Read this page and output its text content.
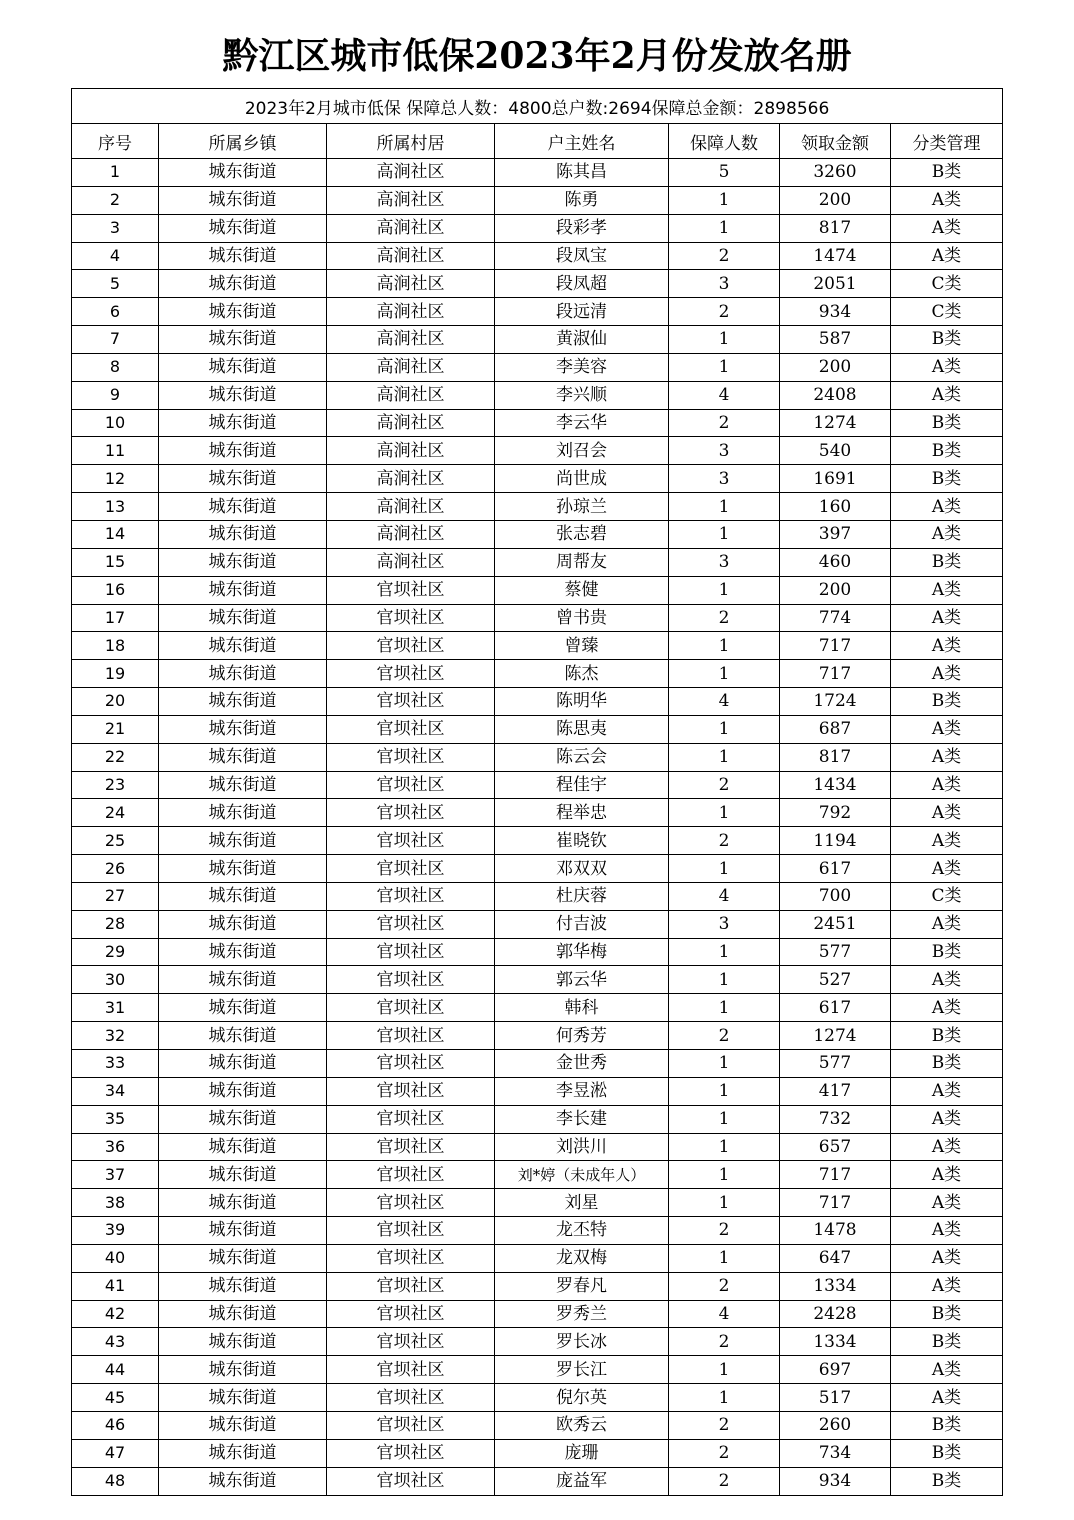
黔江区城市低保2023年2月份发放名册
2023年2月城市低保 保障总人数：4800总户数:2694保障总金额：2898566						
序号	所属乡镇	所属村居	户主姓名	保障人数	领取金额	分类管理
1	城东街道	高涧社区	陈其昌	5	3260	B类
2	城东街道	高涧社区	陈勇	1	200	A类
3	城东街道	高涧社区	段彩孝	1	817	A类
4	城东街道	高涧社区	段凤宝	2	1474	A类
5	城东街道	高涧社区	段凤超	3	2051	C类
6	城东街道	高涧社区	段远清	2	934	C类
7	城东街道	高涧社区	黄淑仙	1	587	B类
8	城东街道	高涧社区	李美容	1	200	A类
9	城东街道	高涧社区	李兴顺	4	2408	A类
10	城东街道	高涧社区	李云华	2	1274	B类
11	城东街道	高涧社区	刘召会	3	540	B类
12	城东街道	高涧社区	尚世成	3	1691	B类
13	城东街道	高涧社区	孙琼兰	1	160	A类
14	城东街道	高涧社区	张志碧	1	397	A类
15	城东街道	高涧社区	周帮友	3	460	B类
16	城东街道	官坝社区	蔡健	1	200	A类
17	城东街道	官坝社区	曾书贵	2	774	A类
18	城东街道	官坝社区	曾臻	1	717	A类
19	城东街道	官坝社区	陈杰	1	717	A类
20	城东街道	官坝社区	陈明华	4	1724	B类
21	城东街道	官坝社区	陈思夷	1	687	A类
22	城东街道	官坝社区	陈云会	1	817	A类
23	城东街道	官坝社区	程佳宇	2	1434	A类
24	城东街道	官坝社区	程举忠	1	792	A类
25	城东街道	官坝社区	崔晓钦	2	1194	A类
26	城东街道	官坝社区	邓双双	1	617	A类
27	城东街道	官坝社区	杜庆蓉	4	700	C类
28	城东街道	官坝社区	付吉波	3	2451	A类
29	城东街道	官坝社区	郭华梅	1	577	B类
30	城东街道	官坝社区	郭云华	1	527	A类
31	城东街道	官坝社区	韩科	1	617	A类
32	城东街道	官坝社区	何秀芳	2	1274	B类
33	城东街道	官坝社区	金世秀	1	577	B类
34	城东街道	官坝社区	李昱淞	1	417	A类
35	城东街道	官坝社区	李长建	1	732	A类
36	城东街道	官坝社区	刘洪川	1	657	A类
37	城东街道	官坝社区	刘*婷（未成年人）	1	717	A类
38	城东街道	官坝社区	刘星	1	717	A类
39	城东街道	官坝社区	龙丕特	2	1478	A类
40	城东街道	官坝社区	龙双梅	1	647	A类
41	城东街道	官坝社区	罗春凡	2	1334	A类
42	城东街道	官坝社区	罗秀兰	4	2428	B类
43	城东街道	官坝社区	罗长冰	2	1334	B类
44	城东街道	官坝社区	罗长江	1	697	A类
45	城东街道	官坝社区	倪尔英	1	517	A类
46	城东街道	官坝社区	欧秀云	2	260	B类
47	城东街道	官坝社区	庞珊	2	734	B类
48	城东街道	官坝社区	庞益军	2	934	B类
